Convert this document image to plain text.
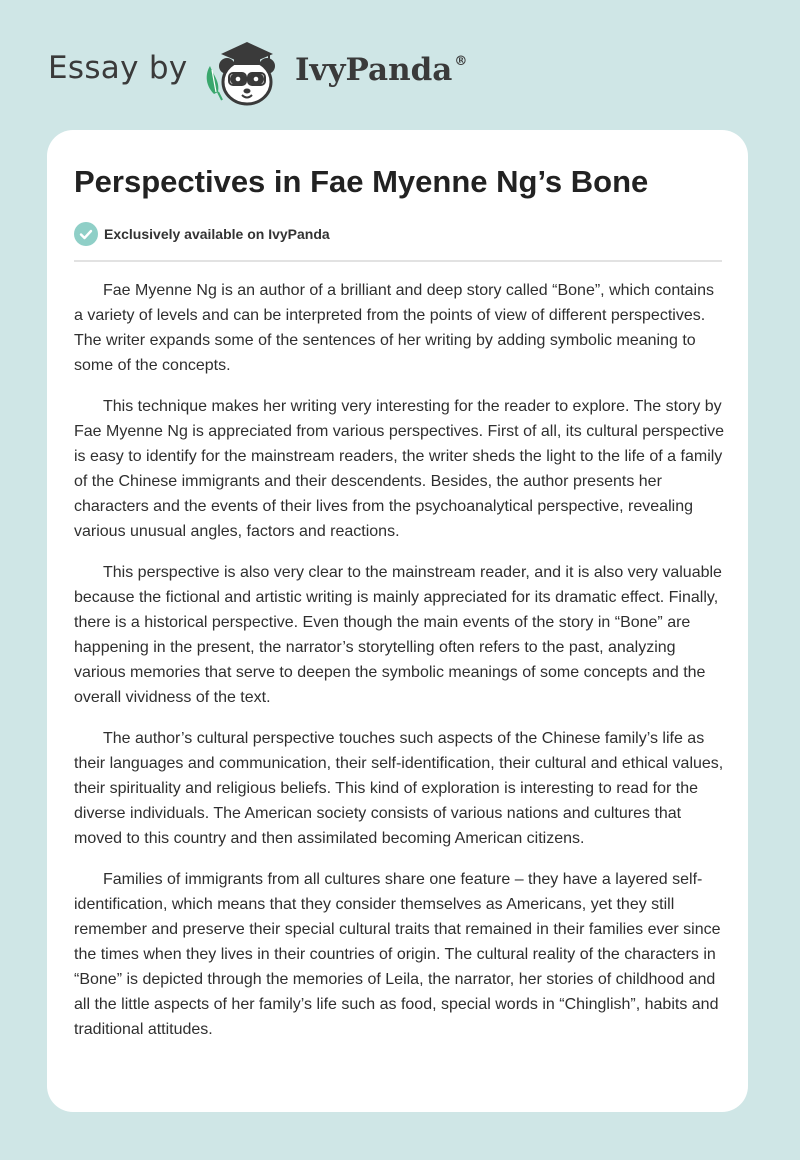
Essay by	IvyPanda ®
Perspectives in Fae Myenne Ng’s Bone
Exclusively available on IvyPanda

Fae Myenne Ng is an author of a brilliant and deep story called “Bone”, which contains a variety of levels and can be interpreted from the points of view of different perspectives. The writer expands some of the sentences of her writing by adding symbolic meaning to some of the concepts.

This technique makes her writing very interesting for the reader to explore. The story by Fae Myenne Ng is appreciated from various perspectives. First of all, its cultural perspective is easy to identify for the mainstream readers, the writer sheds the light to the life of a family of the Chinese immigrants and their descendents. Besides, the author presents her characters and the events of their lives from the psychoanalytical perspective, revealing various unusual angles, factors and reactions.

This perspective is also very clear to the mainstream reader, and it is also very valuable because the fictional and artistic writing is mainly appreciated for its dramatic effect. Finally, there is a historical perspective. Even though the main events of the story in “Bone” are happening in the present, the narrator’s storytelling often refers to the past, analyzing various memories that serve to deepen the symbolic meanings of some concepts and the overall vividness of the text.

The author’s cultural perspective touches such aspects of the Chinese family’s life as their languages and communication, their self-identification, their cultural and ethical values, their spirituality and religious beliefs. This kind of exploration is interesting to read for the diverse individuals. The American society consists of various nations and cultures that moved to this country and then assimilated becoming American citizens.

Families of immigrants from all cultures share one feature – they have a layered self-identification, which means that they consider themselves as Americans, yet they still remember and preserve their special cultural traits that remained in their families ever since the times when they lives in their countries of origin. The cultural reality of the characters in “Bone” is depicted through the memories of Leila, the narrator, her stories of childhood and all the little aspects of her family’s life such as food, special words in “Chinglish”, habits and traditional attitudes.
